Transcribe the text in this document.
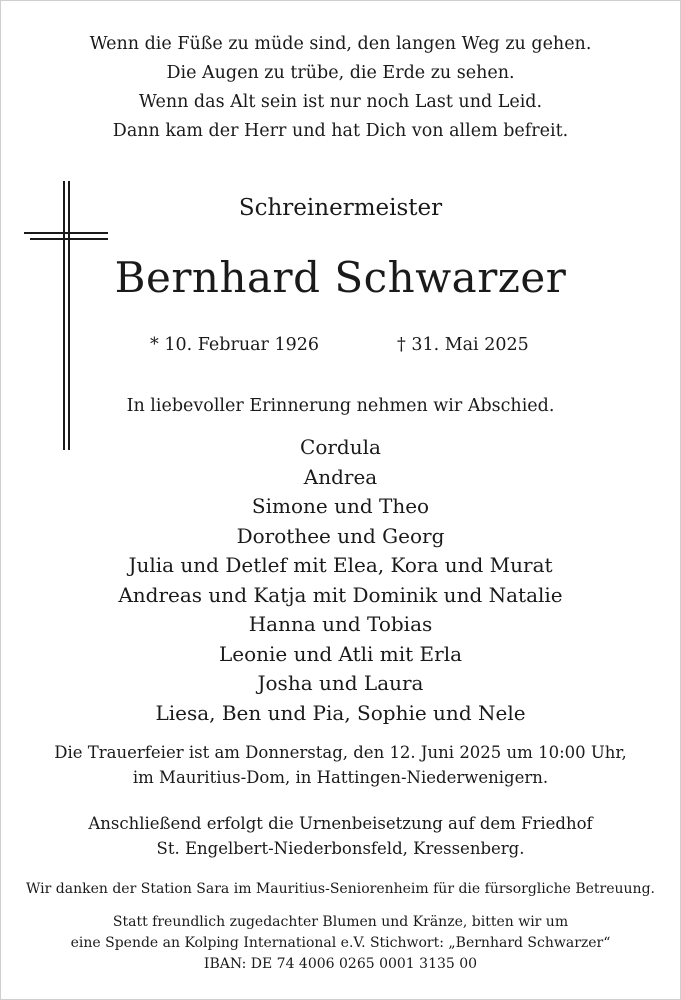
Wenn die Füße zu müde sind, den langen Weg zu gehen.
Die Augen zu trübe, die Erde zu sehen.
Wenn das Alt sein ist nur noch Last und Leid.
Dann kam der Herr und hat Dich von allem befreit.
Schreinermeister
Bernhard Schwarzer
* 10. Februar 1926	† 31. Mai 2025
In liebevoller Erinnerung nehmen wir Abschied.
Cordula
Andrea
Simone und Theo
Dorothee und Georg
Julia und Detlef mit Elea, Kora und Murat
Andreas und Katja mit Dominik und Natalie
Hanna und Tobias
Leonie und Atli mit Erla
Josha und Laura
Liesa, Ben und Pia, Sophie und Nele
Die Trauerfeier ist am Donnerstag, den 12. Juni 2025 um 10:00 Uhr,
im Mauritius-Dom, in Hattingen-Niederwenigern.
Anschließend erfolgt die Urnenbeisetzung auf dem Friedhof
St. Engelbert-Niederbonsfeld, Kressenberg.
Wir danken der Station Sara im Mauritius-Seniorenheim für die fürsorgliche Betreuung.
Statt freundlich zugedachter Blumen und Kränze, bitten wir um
eine Spende an Kolping International e.V. Stichwort: „Bernhard Schwarzer“
IBAN: DE 74 4006 0265 0001 3135 00
